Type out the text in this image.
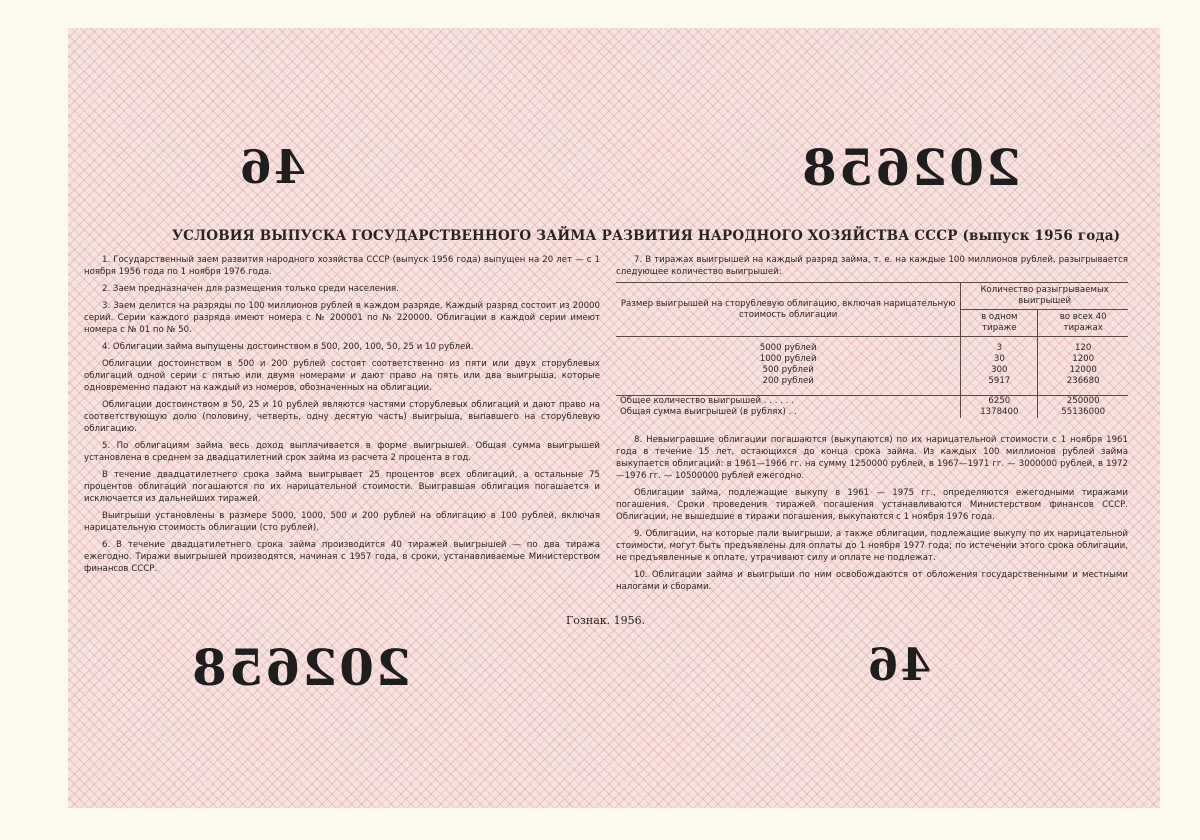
46	202658
202658	46
УСЛОВИЯ ВЫПУСКА ГОСУДАРСТВЕННОГО ЗАЙМА РАЗВИТИЯ НАРОДНОГО ХОЗЯЙСТВА СССР (выпуск 1956 года)

1. Государственный заем развития народного хозяйства СССР (выпуск 1956 года) выпущен на 20 лет — с 1 ноября 1956 года по 1 ноября 1976 года.

2. Заем предназначен для размещения только среди населения.

3. Заем делится на разряды по 100 миллионов рублей в каждом разряде. Каждый разряд состоит из 20000 серий. Серии каждого разряда имеют номера с № 200001 по № 220000. Облигации в каждой серии имеют номера с № 01 по № 50.

4. Облигации займа выпущены достоинством в 500, 200, 100, 50, 25 и 10 рублей.

Облигации достоинством в 500 и 200 рублей состоят соответственно из пяти или двух сторублевых облигаций одной серии с пятью или двумя номерами и дают право на пять или два выигрыша, которые одновременно падают на каждый из номеров, обозначенных на облигации.

Облигации достоинством в 50, 25 и 10 рублей являются частями сторублевых облигаций и дают право на соответствующую долю (половину, четверть, одну десятую часть) выигрыша, выпавшего на сторублевую облигацию.

5. По облигациям займа весь доход выплачивается в форме выигрышей. Общая сумма выигрышей установлена в среднем за двадцатилетний срок займа из расчета 2 процента в год.

В течение двадцатилетнего срока займа выигрывает 25 процентов всех облигаций, а остальные 75 процентов облигаций погашаются по их нарицательной стоимости. Выигравшая облигация погашается и исключается из дальнейших тиражей.

Выигрыши установлены в размере 5000, 1000, 500 и 200 рублей на облигацию в 100 рублей, включая нарицательную стоимость облигации (сто рублей).

6. В течение двадцатилетнего срока займа производится 40 тиражей выигрышей — по два тиража ежегодно. Тиражи выигрышей производятся, начиная с 1957 года, в сроки, устанавливаемые Министерством финансов СССР.

7. В тиражах выигрышей на каждый разряд займа, т. е. на каждые 100 миллионов рублей, разыгрывается следующее количество выигрышей:

Размер выигрышей на сторублевую облигацию, включая нарицательную стоимость облигации	Количество разыгрываемых выигрышей	
	в одном тираже	во всех 40 тиражах
5000 рублей	3	120
1000 рублей	30	1200
500 рублей	300	12000
200 рублей	5917	236680
Общее количество выигрышей . . . . . .	6250	250000
Общая сумма выигрышей (в рублях) . .	1378400	55136000

8. Невыигравшие облигации погашаются (выкупаются) по их нарицательной стоимости с 1 ноября 1961 года в течение 15 лет, остающихся до конца срока займа. Из каждых 100 миллионов рублей займа выкупается облигаций: в 1961—1966 гг. на сумму 1250000 рублей, в 1967—1971 гг. — 3000000 рублей, в 1972—1976 гг. — 10500000 рублей ежегодно.

Облигации займа, подлежащие выкупу в 1961 — 1975 гг., определяются ежегодными тиражами погашения. Сроки проведения тиражей погашения устанавливаются Министерством финансов СССР. Облигации, не вышедшие в тиражи погашения, выкупаются с 1 ноября 1976 года.

9. Облигации, на которые пали выигрыши, а также облигации, подлежащие выкупу по их нарицательной стоимости, могут быть предъявлены для оплаты до 1 ноября 1977 года; по истечении этого срока облигации, не предъявленные к оплате, утрачивают силу и оплате не подлежат.

10. Облигации займа и выигрыши по ним освобождаются от обложения государственными и местными налогами и сборами.

Гознак. 1956.
